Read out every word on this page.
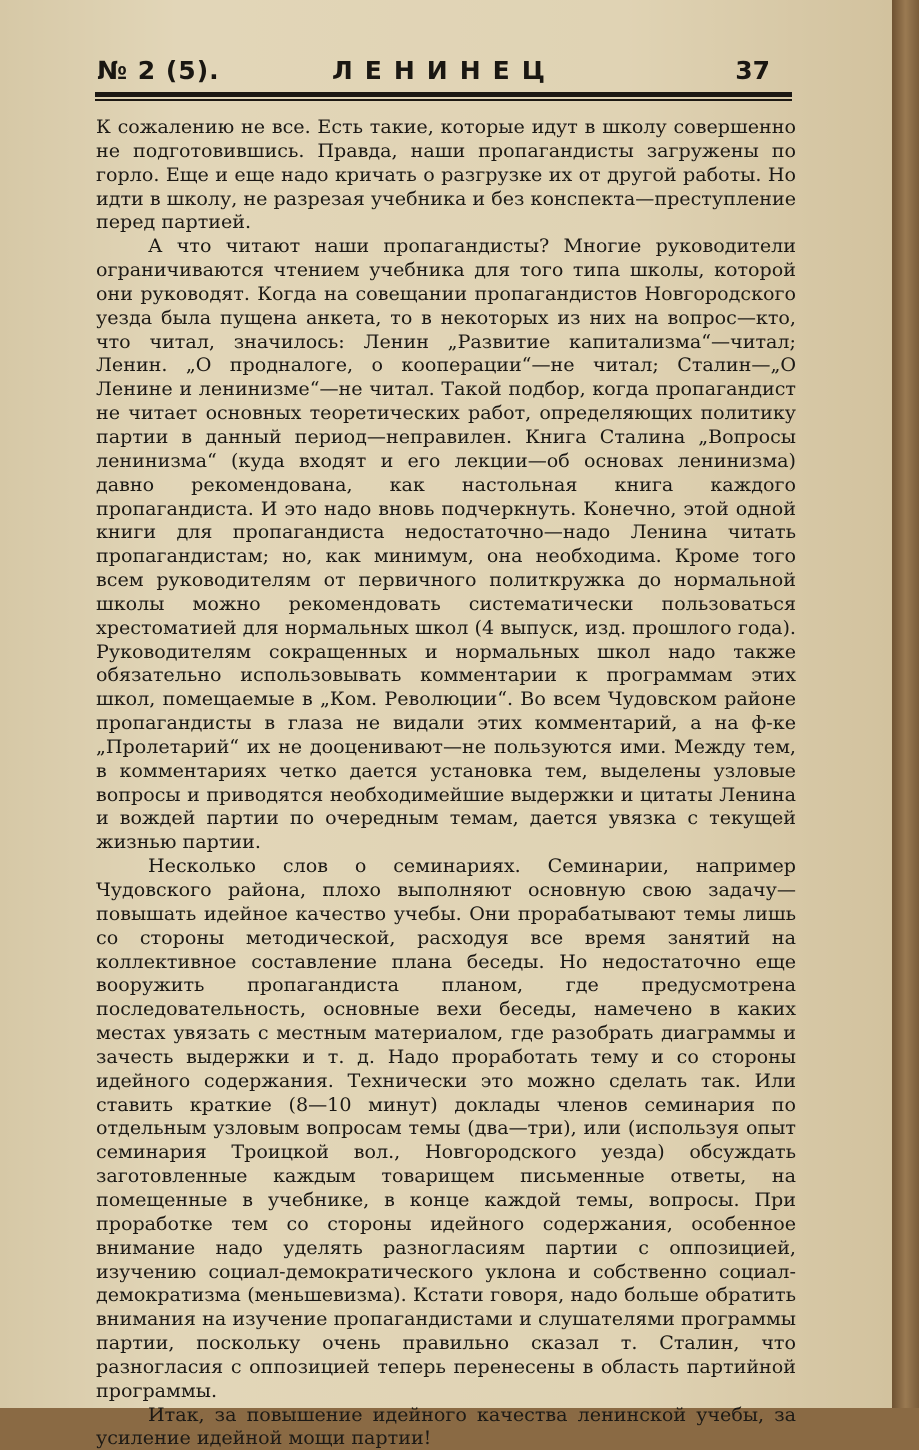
№ 2 (5).	ЛЕНИНЕЦ	37

К сожалению не все. Есть такие, которые идут в школу совершенно не подготовившись. Правда, наши пропагандисты загружены по горло. Еще и еще надо кричать о разгрузке их от другой работы. Но идти в школу, не разрезая учебника и без конспекта—преступление перед партией.

А что читают наши пропагандисты? Многие руководители ограничиваются чтением учебника для того типа школы, которой они руководят. Когда на совещании пропагандистов Новгородского уезда была пущена анкета, то в некоторых из них на вопрос—кто, что читал, значилось: Ленин „Развитие капитализма“—читал; Ленин. „О продналоге, о кооперации“—не читал; Сталин—„О Ленине и ленинизме“—не читал. Такой подбор, когда пропагандист не читает основных теоретических работ, определяющих политику партии в данный период—неправилен. Книга Сталина „Вопросы ленинизма“ (куда входят и его лекции—об основах ленинизма) давно рекомендована, как настольная книга каждого пропагандиста. И это надо вновь подчеркнуть. Конечно, этой одной книги для пропагандиста недостаточно—надо Ленина читать пропагандистам; но, как минимум, она необходима. Кроме того всем руководителям от первичного политкружка до нормальной школы можно рекомендовать систематически пользоваться хрестоматией для нормальных школ (4 выпуск, изд. прошлого года). Руководителям сокращенных и нормальных школ надо также обязательно использовывать комментарии к программам этих школ, помещаемые в „Ком. Революции“. Во всем Чудовском районе пропагандисты в глаза не видали этих комментарий, а на ф-ке „Пролетарий“ их не дооценивают—не пользуются ими. Между тем, в комментариях четко дается установка тем, выделены узловые вопросы и приводятся необходимейшие выдержки и цитаты Ленина и вождей партии по очередным темам, дается увязка с текущей жизнью партии.

Несколько слов о семинариях. Семинарии, например Чудовского района, плохо выполняют основную свою задачу—повышать идейное качество учебы. Они прорабатывают темы лишь со стороны методической, расходуя все время занятий на коллективное составление плана беседы. Но недостаточно еще вооружить пропагандиста планом, где предусмотрена последовательность, основные вехи беседы, намечено в каких местах увязать с местным материалом, где разобрать диаграммы и зачесть выдержки и т. д. Надо проработать тему и со стороны идейного содержания. Технически это можно сделать так. Или ставить краткие (8—10 минут) доклады членов семинария по отдельным узловым вопросам темы (два—три), или (используя опыт семинария Троицкой вол., Новгородского уезда) обсуждать заготовленные каждым товарищем письменные ответы, на помещенные в учебнике, в конце каждой темы, вопросы. При проработке тем со стороны идейного содержания, особенное внимание надо уделять разногласиям партии с оппозицией, изучению социал-демократического уклона и собственно социал-демократизма (меньшевизма). Кстати говоря, надо больше обратить внимания на изучение пропагандистами и слушателями программы партии, поскольку очень правильно сказал т. Сталин, что разногласия с оппозицией теперь перенесены в область партийной программы.

Итак, за повышение идейного качества ленинской учебы, за усиление идейной мощи партии!
